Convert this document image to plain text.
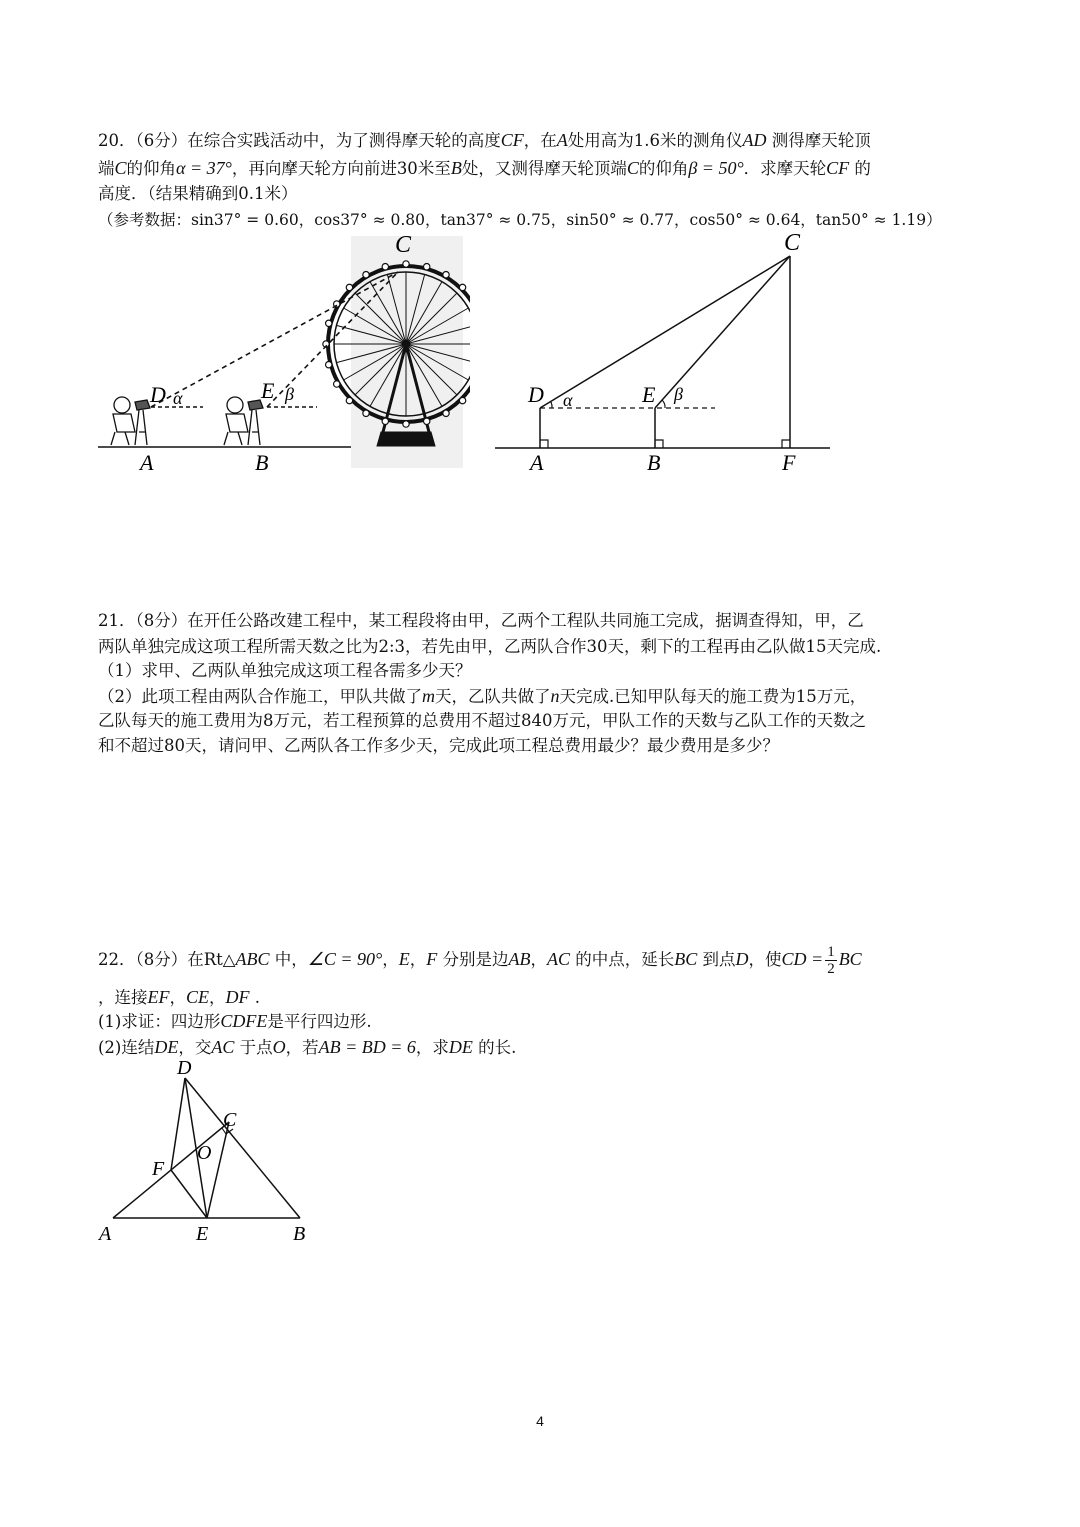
20．（6分）在综合实践活动中，为了测得摩天轮的高度CF，在A处用高为1.6米的测角仪AD 测得摩天轮顶
端C的仰角α = 37°，再向摩天轮方向前进30米至B处，又测得摩天轮顶端C的仰角β = 50°．求摩天轮CF 的
高度．（结果精确到0.1米）
（参考数据：sin37° = 0.60，cos37° ≈ 0.80，tan37° ≈ 0.75，sin50° ≈ 0.77，cos50° ≈ 0.64，tan50° ≈ 1.19）
C
D α	E β
A	B
C
D α	E β
A	B	F
21．（8分）在开任公路改建工程中，某工程段将由甲，乙两个工程队共同施工完成，据调查得知，甲，乙
两队单独完成这项工程所需天数之比为2:3，若先由甲，乙两队合作30天，剩下的工程再由乙队做15天完成.
（1）求甲、乙两队单独完成这项工程各需多少天？
（2）此项工程由两队合作施工，甲队共做了m天，乙队共做了n天完成.已知甲队每天的施工费为15万元，
乙队每天的施工费用为8万元，若工程预算的总费用不超过840万元，甲队工作的天数与乙队工作的天数之
和不超过80天，请问甲、乙两队各工作多少天，完成此项工程总费用最少？最少费用是多少？
22．（8分）在Rt△ABC 中，∠C = 90°，E，F 分别是边AB，AC 的中点，延长BC 到点D，使CD = $\frac{1}{2}$ BC
，连接EF，CE，DF .
(1)求证：四边形CDFE是平行四边形.
(2)连结DE，交AC 于点O，若AB = BD = 6，求DE 的长.
D
C
O
F
A	E	B
4
